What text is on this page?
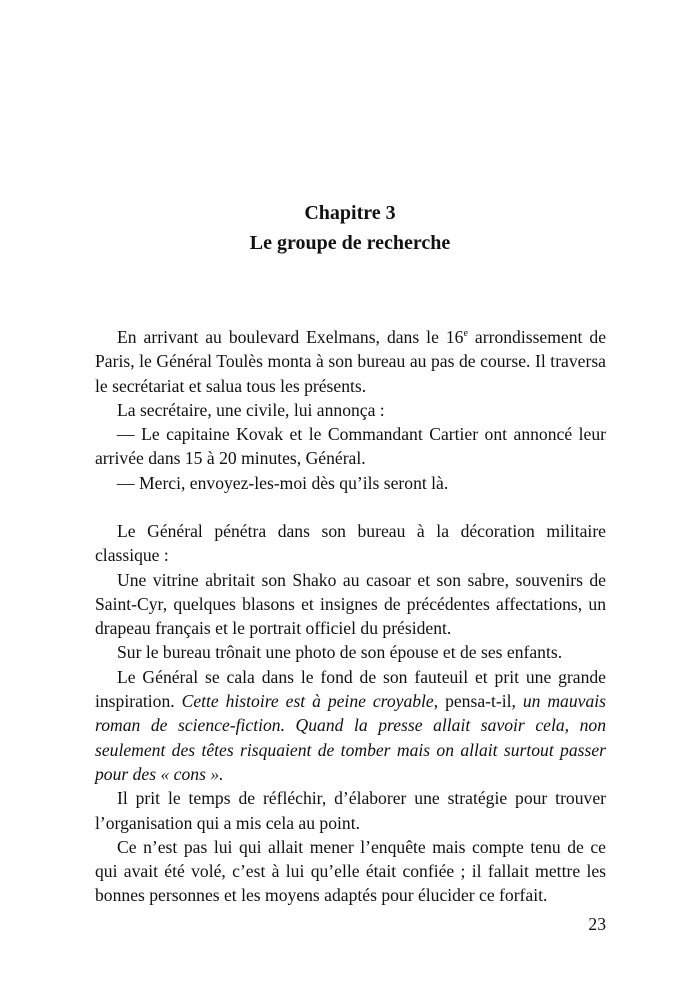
Chapitre 3
Le groupe de recherche

En arrivant au boulevard Exelmans, dans le 16e arrondissement de Paris, le Général Toulès monta à son bureau au pas de course. Il traversa le secrétariat et salua tous les présents.

La secrétaire, une civile, lui annonça :

— Le capitaine Kovak et le Commandant Cartier ont annoncé leur arrivée dans 15 à 20 minutes, Général.

— Merci, envoyez-les-moi dès qu’ils seront là.

Le Général pénétra dans son bureau à la décoration militaire classique :

Une vitrine abritait son Shako au casoar et son sabre, souvenirs de Saint-Cyr, quelques blasons et insignes de précédentes affectations, un drapeau français et le portrait officiel du président.

Sur le bureau trônait une photo de son épouse et de ses enfants.

Le Général se cala dans le fond de son fauteuil et prit une grande inspiration. Cette histoire est à peine croyable, pensa-t-il, un mauvais roman de science-fiction. Quand la presse allait savoir cela, non seulement des têtes risquaient de tomber mais on allait surtout passer pour des « cons ».

Il prit le temps de réfléchir, d’élaborer une stratégie pour trouver l’organisation qui a mis cela au point.

Ce n’est pas lui qui allait mener l’enquête mais compte tenu de ce qui avait été volé, c’est à lui qu’elle était confiée ; il fallait mettre les bonnes personnes et les moyens adaptés pour élucider ce forfait.

23
